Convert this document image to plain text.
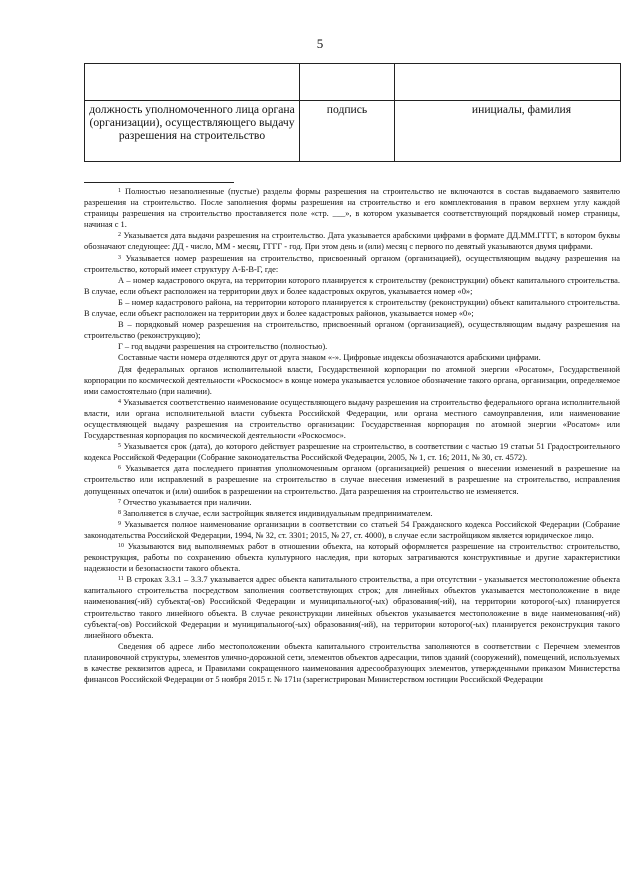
5

должность уполномоченного лица органа (организации), осуществляющего выдачу разрешения на строительство	подпись	инициалы, фамилия

$^1$ Полностью незаполненные (пустые) разделы формы разрешения на строительство не включаются в состав выдаваемого заявителю разрешения на строительство. После заполнения формы разрешения на строительство и его комплектования в правом верхнем углу каждой страницы разрешения на строительство проставляется поле «стр. ___», в котором указывается соответствующий порядковый номер страницы, начиная с 1.

$^2$ Указывается дата выдачи разрешения на строительство. Дата указывается арабскими цифрами в формате ДД.ММ.ГГГГ, в котором буквы обозначают следующее: ДД - число, ММ - месяц, ГГГГ - год. При этом день и (или) месяц с первого по девятый указываются двумя цифрами.

$^3$ Указывается номер разрешения на строительство, присвоенный органом (организацией), осуществляющим выдачу разрешения на строительство, который имеет структуру А-Б-В-Г, где:

А – номер кадастрового округа, на территории которого планируется к строительству (реконструкции) объект капитального строительства. В случае, если объект расположен на территории двух и более кадастровых округов, указывается номер «0»;

Б – номер кадастрового района, на территории которого планируется к строительству (реконструкции) объект капитального строительства. В случае, если объект расположен на территории двух и более кадастровых районов, указывается номер «0»;

В – порядковый номер разрешения на строительство, присвоенный органом (организацией), осуществляющим выдачу разрешения на строительство (реконструкцию);

Г – год выдачи разрешения на строительство (полностью).

Составные части номера отделяются друг от друга знаком «-». Цифровые индексы обозначаются арабскими цифрами.

Для федеральных органов исполнительной власти, Государственной корпорации по атомной энергии «Росатом», Государственной корпорации по космической деятельности «Роскосмос» в конце номера указывается условное обозначение такого органа, организации, определяемое ими самостоятельно (при наличии).

$^4$ Указывается соответственно наименование осуществляющего выдачу разрешения на строительство федерального органа исполнительной власти, или органа исполнительной власти субъекта Российской Федерации, или органа местного самоуправления, или наименование осуществляющей выдачу разрешения на строительство организации: Государственная корпорация по атомной энергии «Росатом» или Государственная корпорация по космической деятельности «Роскосмос».

$^5$ Указывается срок (дата), до которого действует разрешение на строительство, в соответствии с частью 19 статьи 51 Градостроительного кодекса Российской Федерации (Собрание законодательства Российской Федерации, 2005, № 1, ст. 16; 2011, № 30, ст. 4572).

$^6$ Указывается дата последнего принятия уполномоченным органом (организацией) решения о внесении изменений в разрешение на строительство или исправлений в разрешение на строительство в случае внесения изменений в разрешение на строительство, исправления допущенных опечаток и (или) ошибок в разрешении на строительство. Дата разрешения на строительство не изменяется.

$^7$ Отчество указывается при наличии.

$^8$ Заполняется в случае, если застройщик является индивидуальным предпринимателем.

$^9$ Указывается полное наименование организации в соответствии со статьей 54 Гражданского кодекса Российской Федерации (Собрание законодательства Российской Федерации, 1994, № 32, ст. 3301; 2015, № 27, ст. 4000), в случае если застройщиком является юридическое лицо.

$^{10}$ Указываются вид выполняемых работ в отношении объекта, на который оформляется разрешение на строительство: строительство, реконструкция, работы по сохранению объекта культурного наследия, при которых затрагиваются конструктивные и другие характеристики надежности и безопасности такого объекта.

$^{11}$ В строках 3.3.1 – 3.3.7 указывается адрес объекта капитального строительства, а при отсутствии - указывается местоположение объекта капитального строительства посредством заполнения соответствующих строк; для линейных объектов указывается местоположение в виде наименования(-ий) субъекта(-ов) Российской Федерации и муниципального(-ых) образования(-ий), на территории которого(-ых) планируется строительство такого линейного объекта. В случае реконструкции линейных объектов указывается местоположение в виде наименования(-ий) субъекта(-ов) Российской Федерации и муниципального(-ых) образования(-ий), на территории которого(-ых) планируется реконструкция такого линейного объекта.

Сведения об адресе либо местоположении объекта капитального строительства заполняются в соответствии с Перечнем элементов планировочной структуры, элементов улично-дорожной сети, элементов объектов адресации, типов зданий (сооружений), помещений, используемых в качестве реквизитов адреса, и Правилами сокращенного наименования адресообразующих элементов, утвержденными приказом Министерства финансов Российской Федерации от 5 ноября 2015 г. № 171н (зарегистрирован Министерством юстиции Российской Федерации
